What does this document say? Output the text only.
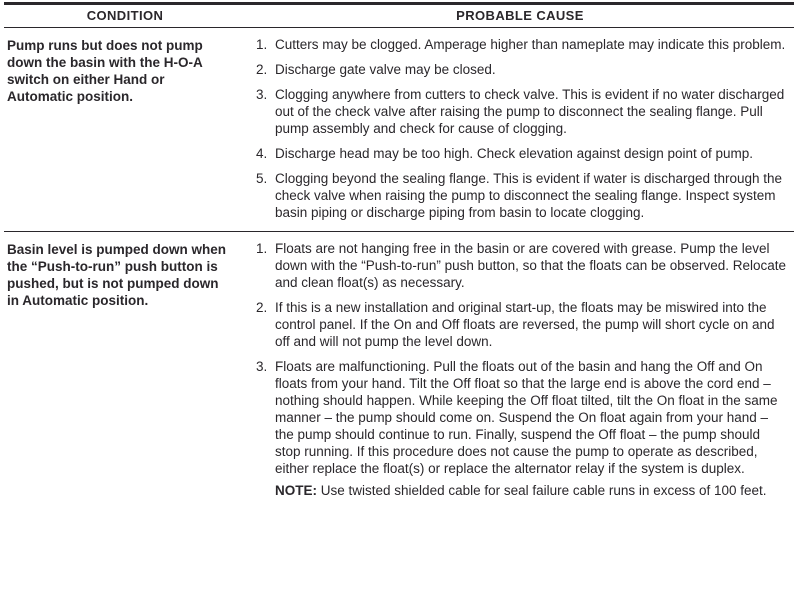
CONDITION	PROBABLE CAUSE
Pump runs but does not pump down the basin with the H-O-A switch on either Hand or Automatic position.
1. Cutters may be clogged. Amperage higher than nameplate may indicate this problem.

2. Discharge gate valve may be closed.

3. Clogging anywhere from cutters to check valve. This is evident if no water discharged out of the check valve after raising the pump to disconnect the sealing flange. Pull pump assembly and check for cause of clogging.

4. Discharge head may be too high. Check elevation against design point of pump.

5. Clogging beyond the sealing flange. This is evident if water is discharged through the check valve when raising the pump to disconnect the sealing flange. Inspect system basin piping or discharge piping from basin to locate clogging.

Basin level is pumped down when the “Push-to-run” push button is pushed, but is not pumped down in Automatic position.
1. Floats are not hanging free in the basin or are covered with grease. Pump the level down with the “Push-to-run” push button, so that the floats can be observed. Relocate and clean float(s) as necessary.

2. If this is a new installation and original start-up, the floats may be miswired into the control panel. If the On and Off floats are reversed, the pump will short cycle on and off and will not pump the level down.

3. Floats are malfunctioning. Pull the floats out of the basin and hang the Off and On floats from your hand. Tilt the Off float so that the large end is above the cord end – nothing should happen. While keeping the Off float tilted, tilt the On float in the same manner – the pump should come on. Suspend the On float again from your hand – the pump should continue to run. Finally, suspend the Off float – the pump should stop running. If this procedure does not cause the pump to operate as described, either replace the float(s) or replace the alternator relay if the system is duplex.

NOTE: Use twisted shielded cable for seal failure cable runs in excess of 100 feet.
